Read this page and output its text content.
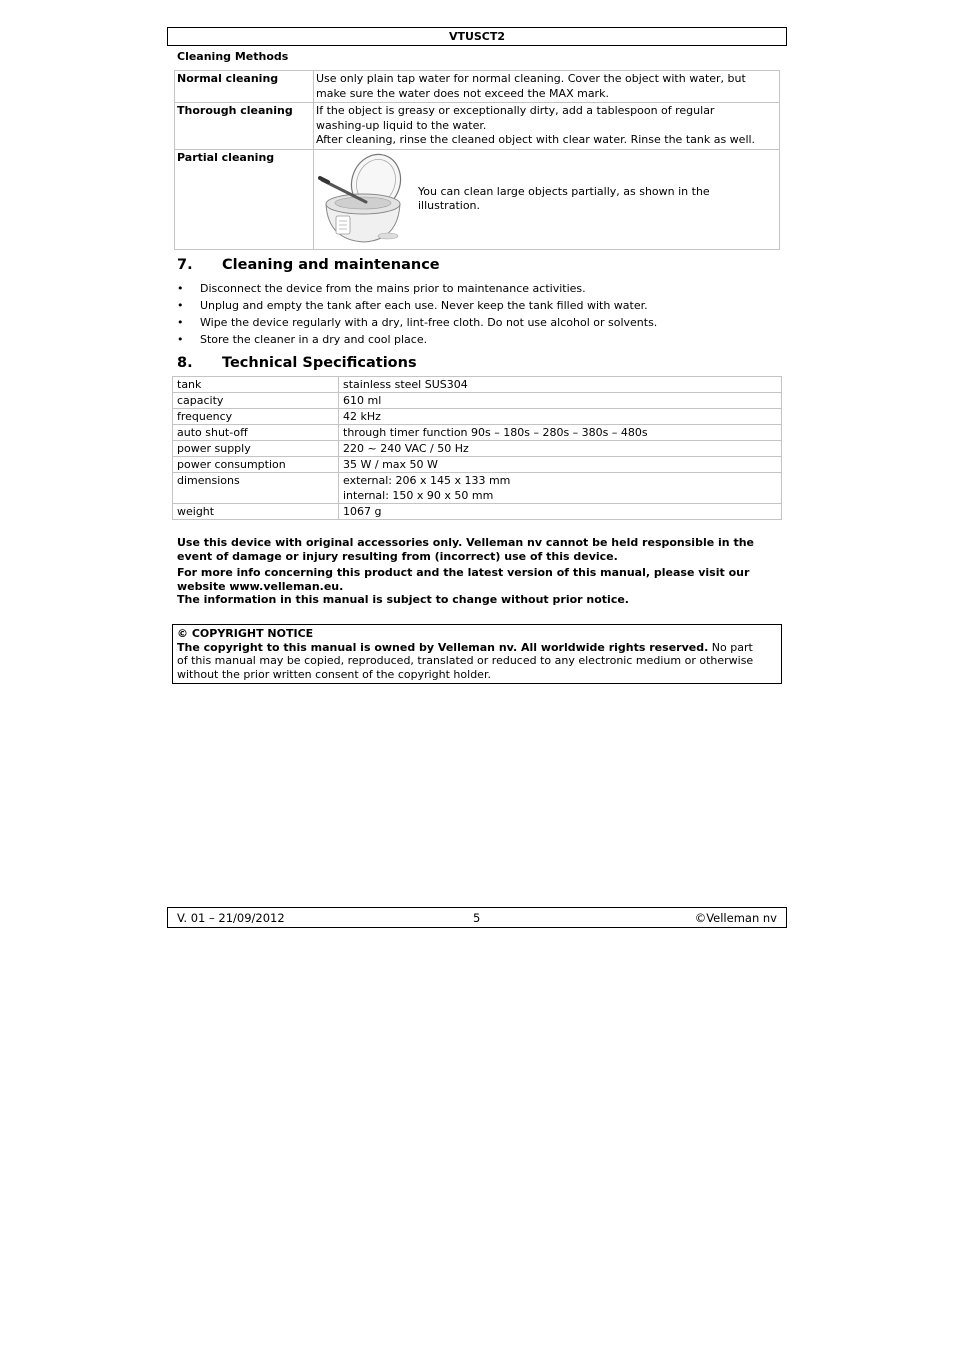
VTUSCT2
Cleaning Methods
Normal cleaning	Use only plain tap water for normal cleaning. Cover the object with water, but
make sure the water does not exceed the MAX mark.

Thorough cleaning	If the object is greasy or exceptionally dirty, add a tablespoon of regular
washing-up liquid to the water.
After cleaning, rinse the cleaned object with clear water. Rinse the tank as well.

Partial cleaning	You can clean large objects partially, as shown in the
illustration.
7. Cleaning and maintenance
• Disconnect the device from the mains prior to maintenance activities.
• Unplug and empty the tank after each use. Never keep the tank filled with water.
• Wipe the device regularly with a dry, lint-free cloth. Do not use alcohol or solvents.
• Store the cleaner in a dry and cool place.
8. Technical Specifications
tank	stainless steel SUS304
capacity	610 ml
frequency	42 kHz
auto shut-off	through timer function 90s – 180s – 280s – 380s – 480s
power supply	220 ~ 240 VAC / 50 Hz
power consumption	35 W / max 50 W
dimensions	external: 206 x 145 x 133 mm
internal: 150 x 90 x 50 mm

weight	1067 g

Use this device with original accessories only. Velleman nv cannot be held responsible in the

event of damage or injury resulting from (incorrect) use of this device.

For more info concerning this product and the latest version of this manual, please visit our

website www.velleman.eu.

The information in this manual is subject to change without prior notice.

© COPYRIGHT NOTICE
The copyright to this manual is owned by Velleman nv. All worldwide rights reserved. No part
of this manual may be copied, reproduced, translated or reduced to any electronic medium or otherwise
without the prior written consent of the copyright holder.
V. 01 – 21/09/2012	5	©Velleman nv
